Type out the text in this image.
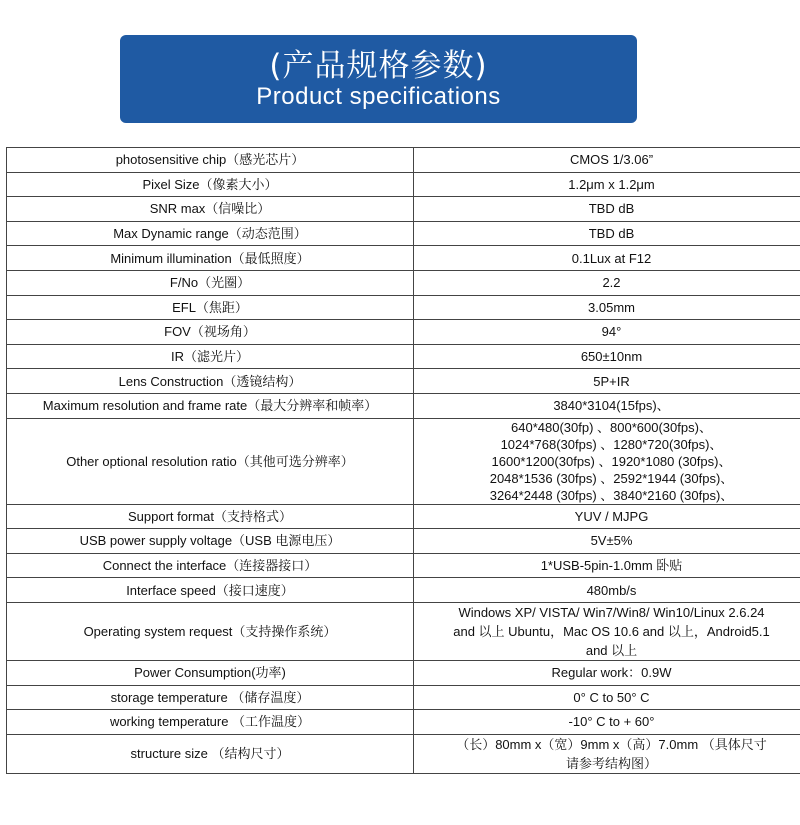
(产品规格参数)
Product specifications
photosensitive chip（感光芯片）	CMOS 1/3.06”
Pixel Size（像素大小）	1.2μm x 1.2μm
SNR max（信噪比）	TBD dB
Max Dynamic range（动态范围）	TBD dB
Minimum illumination（最低照度）	0.1Lux at F12
F/No（光圈）	2.2
EFL（焦距）	3.05mm
FOV（视场角）	94°
IR（滤光片）	650±10nm
Lens Construction（透镜结构）	5P+IR
Maximum resolution and frame rate（最大分辨率和帧率）	3840*3104(15fps)、
Other optional resolution ratio（其他可选分辨率）	640*480(30fp) 、800*600(30fps)、
1024*768(30fps) 、1280*720(30fps)、
1600*1200(30fps) 、1920*1080 (30fps)、
2048*1536 (30fps) 、2592*1944 (30fps)、
3264*2448 (30fps) 、3840*2160 (30fps)、

Support format（支持格式）	YUV / MJPG
USB power supply voltage（USB 电源电压）	5V±5%
Connect the interface（连接器接口）	1*USB-5pin-1.0mm 卧贴
Interface speed（接口速度）	480mb/s
Operating system request（支持操作系统）	Windows XP/ VISTA/ Win7/Win8/ Win10/Linux 2.6.24
and 以上 Ubuntu，Mac OS 10.6 and 以上，Android5.1
and 以上

Power Consumption(功率)	Regular work：0.9W
storage temperature （储存温度）	0° C to 50° C
working temperature （工作温度）	-10° C to + 60°
structure size （结构尺寸）	（长）80mm x（宽）9mm x（高）7.0mm （具体尺寸
请参考结构图）
